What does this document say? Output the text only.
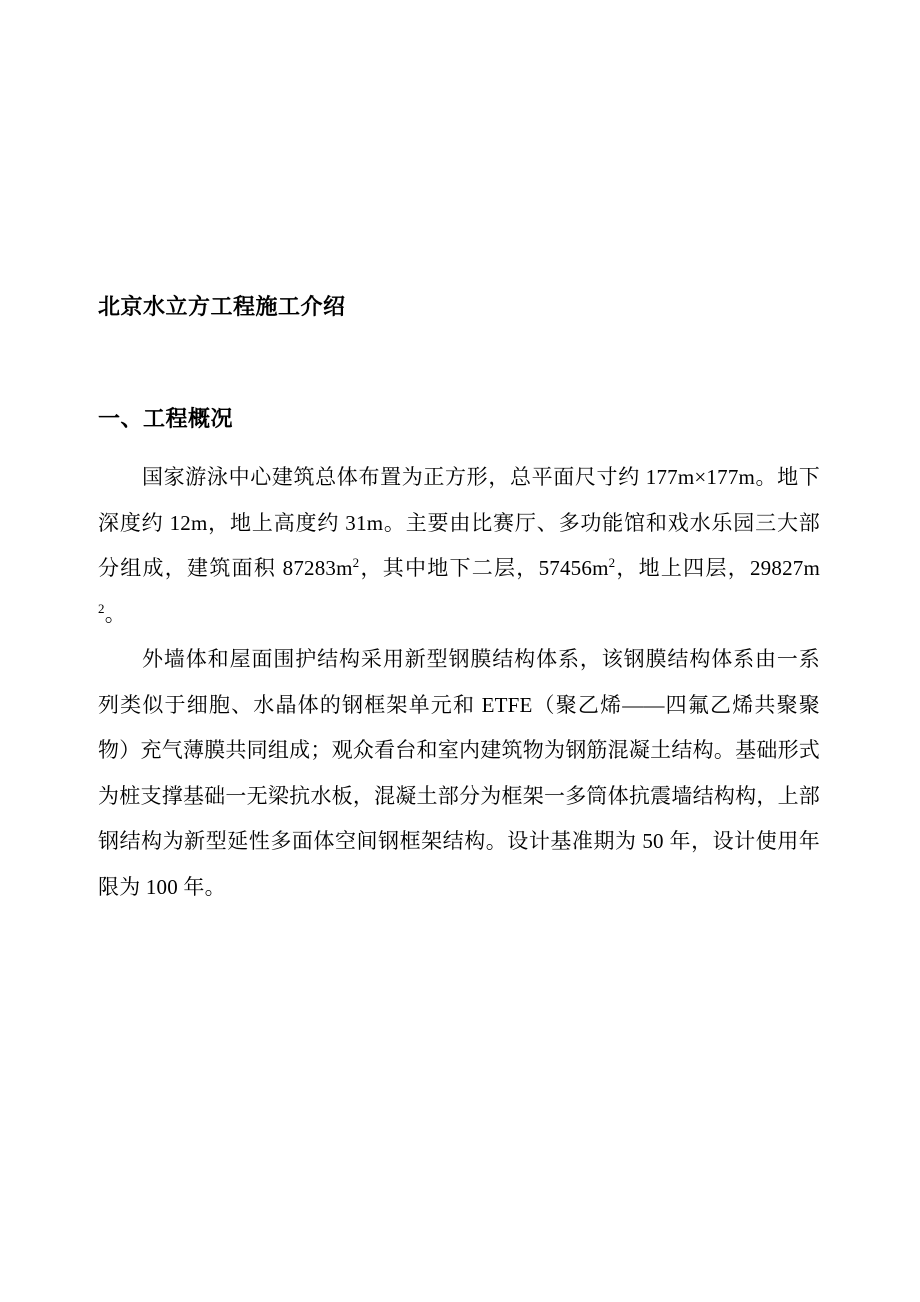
北京水立方工程施工介绍
一、工程概况

国家游泳中心建筑总体布置为正方形，总平面尺寸约 177m×177m。地下深度约 12m，地上高度约 31m。主要由比赛厅、多功能馆和戏水乐园三大部分组成，建筑面积 $87283m^2$，其中地下二层，$57456m^2$，地上四层，$29827m^2$。

外墙体和屋面围护结构采用新型钢膜结构体系，该钢膜结构体系由一系列类似于细胞、水晶体的钢框架单元和 ETFE（聚乙烯——四氟乙烯共聚聚物）充气薄膜共同组成；观众看台和室内建筑物为钢筋混凝土结构。基础形式为桩支撑基础一无梁抗水板，混凝土部分为框架一多筒体抗震墙结构构，上部钢结构为新型延性多面体空间钢框架结构。设计基准期为 50 年，设计使用年限为 100 年。
